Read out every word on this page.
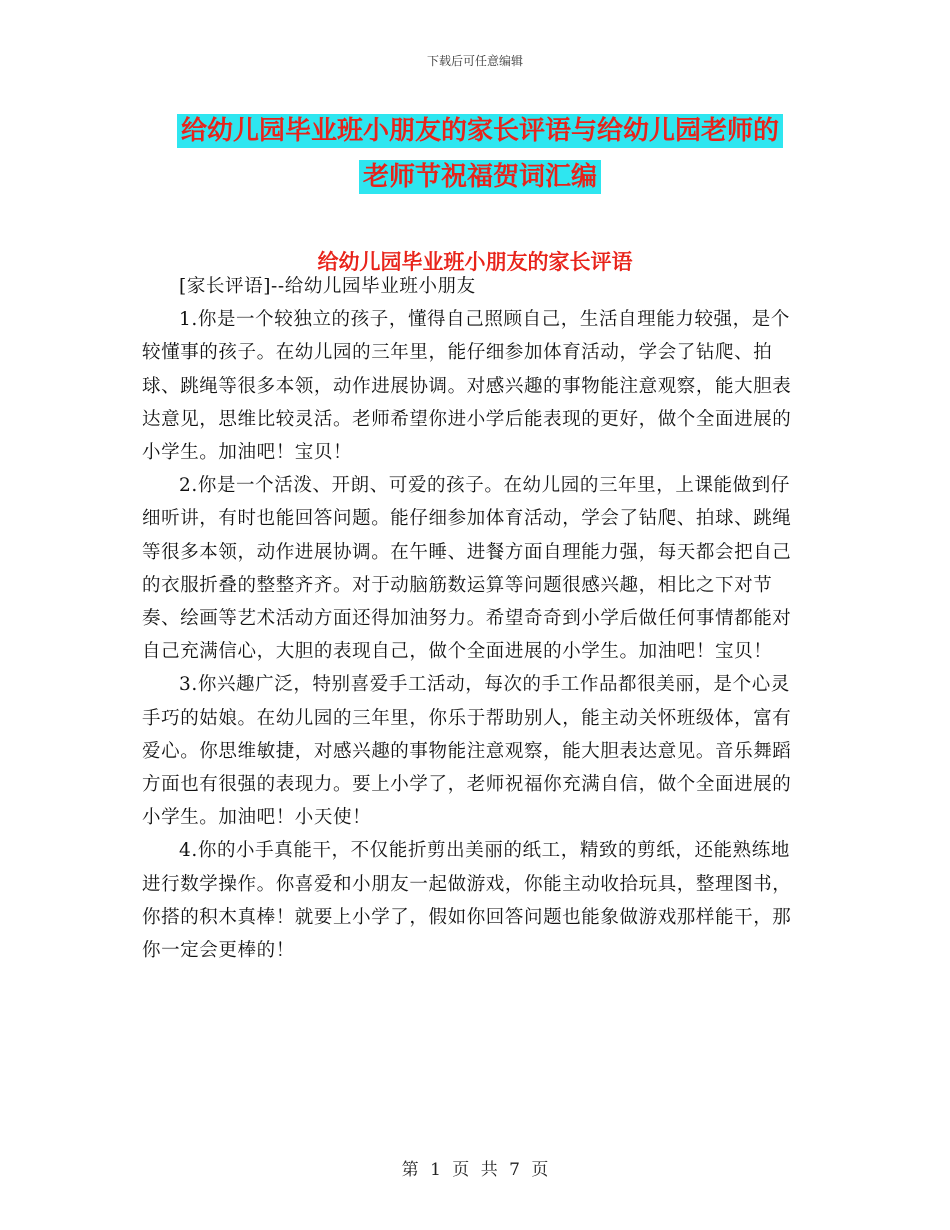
下载后可任意编辑
给幼儿园毕业班小朋友的家长评语与给幼儿园老师的
老师节祝福贺词汇编
给幼儿园毕业班小朋友的家长评语

[家长评语]--给幼儿园毕业班小朋友

1.你是一个较独立的孩子，懂得自己照顾自己，生活自理能力较强，是个较懂事的孩子。在幼儿园的三年里，能仔细参加体育活动，学会了钻爬、拍球、跳绳等很多本领，动作进展协调。对感兴趣的事物能注意观察，能大胆表达意见，思维比较灵活。老师希望你进小学后能表现的更好，做个全面进展的小学生。加油吧！宝贝！

2.你是一个活泼、开朗、可爱的孩子。在幼儿园的三年里，上课能做到仔细听讲，有时也能回答问题。能仔细参加体育活动，学会了钻爬、拍球、跳绳等很多本领，动作进展协调。在午睡、进餐方面自理能力强，每天都会把自己的衣服折叠的整整齐齐。对于动脑筋数运算等问题很感兴趣，相比之下对节奏、绘画等艺术活动方面还得加油努力。希望奇奇到小学后做任何事情都能对自己充满信心，大胆的表现自己，做个全面进展的小学生。加油吧！宝贝！

3.你兴趣广泛，特别喜爱手工活动，每次的手工作品都很美丽，是个心灵手巧的姑娘。在幼儿园的三年里，你乐于帮助别人，能主动关怀班级体，富有爱心。你思维敏捷，对感兴趣的事物能注意观察，能大胆表达意见。音乐舞蹈方面也有很强的表现力。要上小学了，老师祝福你充满自信，做个全面进展的小学生。加油吧！小天使！

4.你的小手真能干，不仅能折剪出美丽的纸工，精致的剪纸，还能熟练地进行数学操作。你喜爱和小朋友一起做游戏，你能主动收拾玩具，整理图书，你搭的积木真棒！就要上小学了，假如你回答问题也能象做游戏那样能干，那你一定会更棒的！

第 1 页 共 7 页
